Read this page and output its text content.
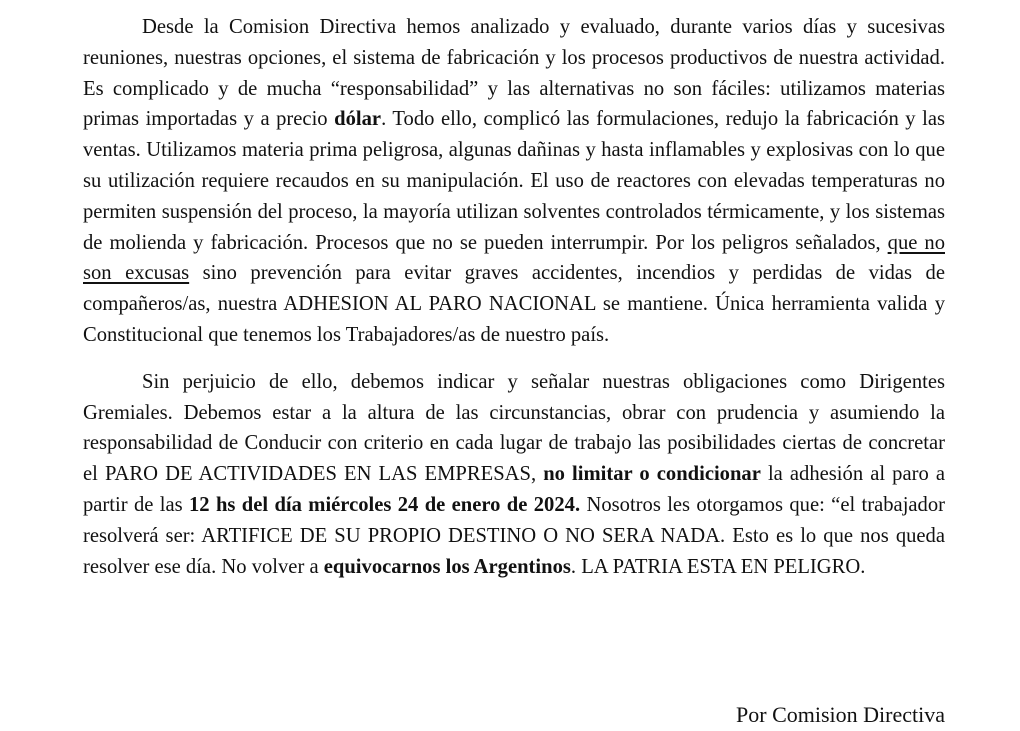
Desde la Comision Directiva hemos analizado y evaluado, durante varios días y sucesivas reuniones, nuestras opciones, el sistema de fabricación y los procesos productivos de nuestra actividad. Es complicado y de mucha “responsabilidad” y las alternativas no son fáciles: utilizamos materias primas importadas y a precio dólar. Todo ello, complicó las formulaciones, redujo la fabricación y las ventas. Utilizamos materia prima peligrosa, algunas dañinas y hasta inflamables y explosivas con lo que su utilización requiere recaudos en su manipulación. El uso de reactores con elevadas temperaturas no permiten suspensión del proceso, la mayoría utilizan solventes controlados térmicamente, y los sistemas de molienda y fabricación. Procesos que no se pueden interrumpir. Por los peligros señalados, que no son excusas sino prevención para evitar graves accidentes, incendios y perdidas de vidas de compañeros/as, nuestra ADHESION AL PARO NACIONAL se mantiene. Única herramienta valida y Constitucional que tenemos los Trabajadores/as de nuestro país.

Sin perjuicio de ello, debemos indicar y señalar nuestras obligaciones como Dirigentes Gremiales. Debemos estar a la altura de las circunstancias, obrar con prudencia y asumiendo la responsabilidad de Conducir con criterio en cada lugar de trabajo las posibilidades ciertas de concretar el PARO DE ACTIVIDADES EN LAS EMPRESAS, no limitar o condicionar la adhesión al paro a partir de las 12 hs del día miércoles 24 de enero de 2024. Nosotros les otorgamos que: “el trabajador resolverá ser: ARTIFICE DE SU PROPIO DESTINO O NO SERA NADA. Esto es lo que nos queda resolver ese día. No volver a equivocarnos los Argentinos. LA PATRIA ESTA EN PELIGRO.

Por Comision Directiva
